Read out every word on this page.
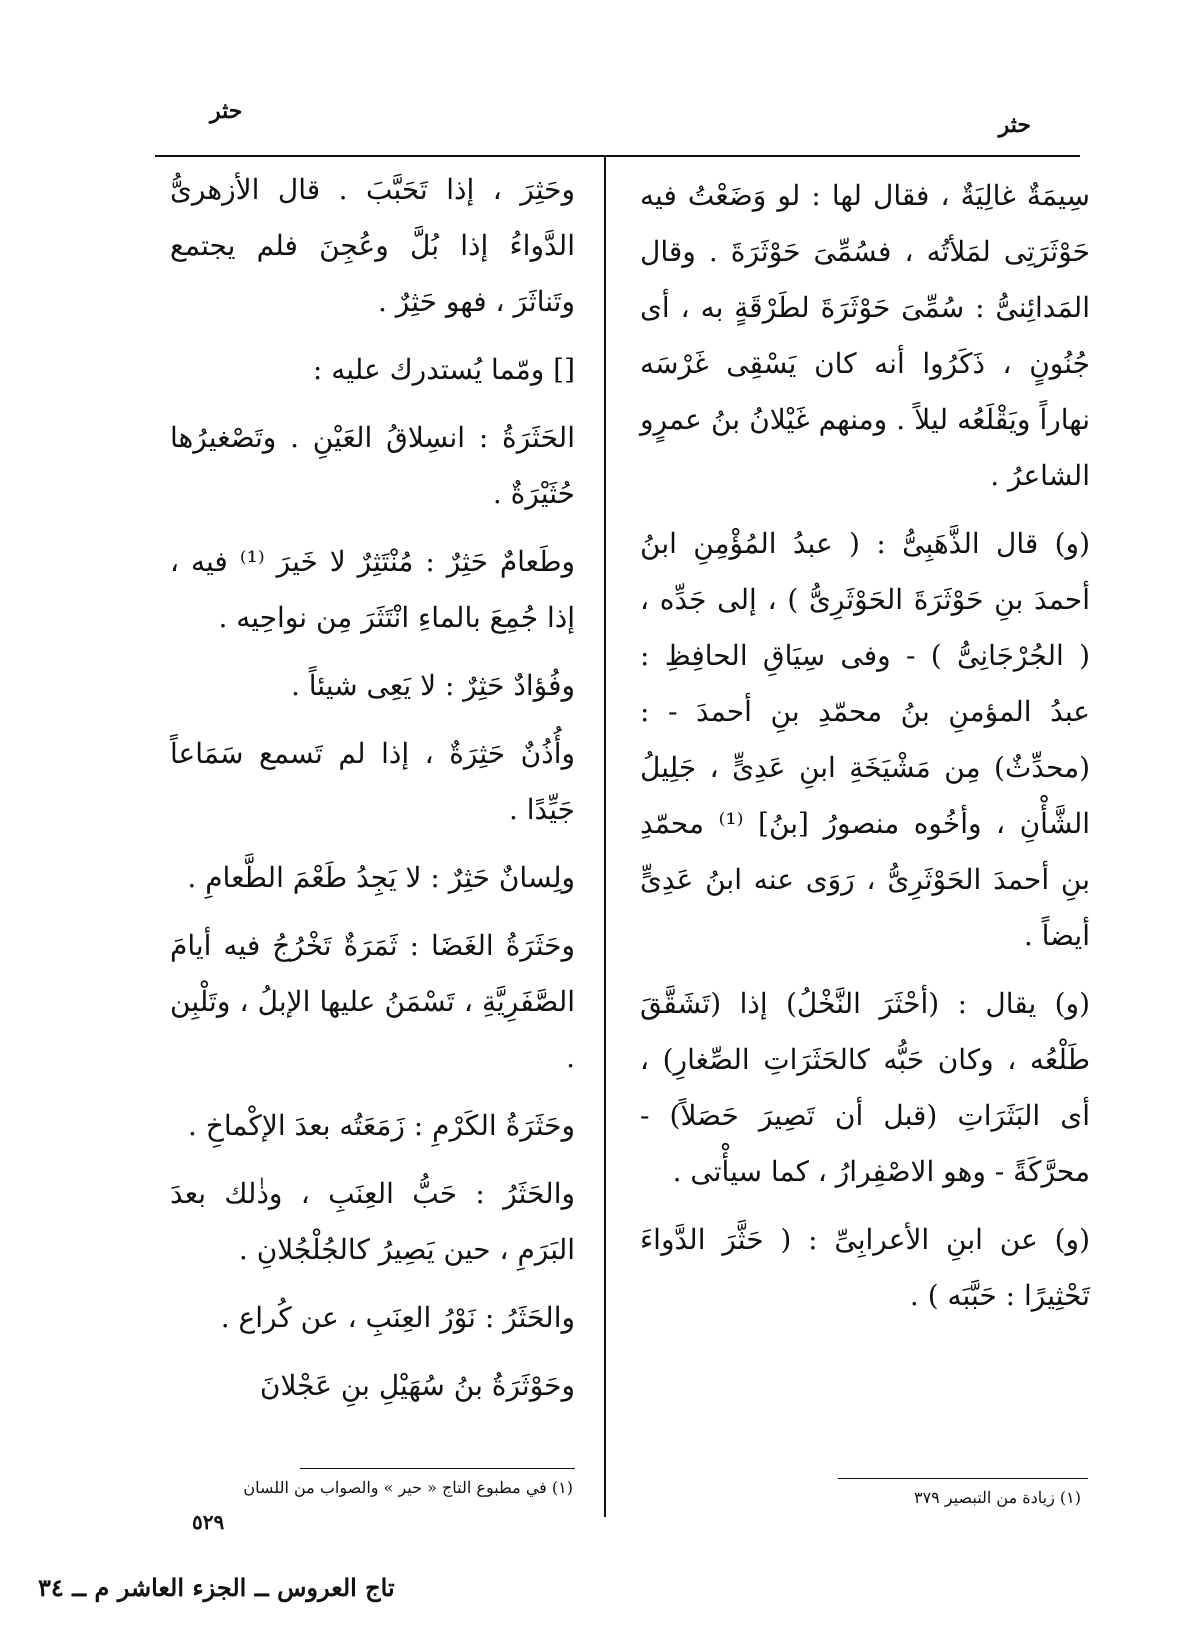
حثر
حثر

سِيمَةٌ غالِيَةٌ ، فقال لها : لو وَضَعْتُ فيه حَوْثَرَتِى لمَلأتُه ، فسُمِّىَ حَوْثَرَةَ . وقال المَدائِنىُّ : سُمِّىَ حَوْثَرَةَ لطَرْقَةٍ به ، أى جُنُونٍ ، ذَكَرُوا أنه كان يَسْقِى غَرْسَه نهاراً ويَقْلَعُه ليلاً . ومنهم غَيْلانُ بنُ عمرٍو الشاعرُ .

(و) قال الذَّهَبِىُّ : ( عبدُ المُؤْمِنِ ابنُ أحمدَ بنِ حَوْثَرَةَ الحَوْثَرِىُّ ) ، إلى جَدِّه ، ( الجُرْجَانِىُّ ) - وفى سِيَاقِ الحافِظِ : عبدُ المؤمنِ بنُ محمّدِ بنِ أحمدَ - : (محدِّثٌ) مِن مَشْيَخَةِ ابنِ عَدِىٍّ ، جَلِيلُ الشَّأْنِ ، وأخُوه منصورُ [بنُ] ⁽¹⁾ محمّدِ بنِ أحمدَ الحَوْثَرِىُّ ، رَوَى عنه ابنُ عَدِىٍّ أيضاً .

(و) يقال : (أحْثَرَ النَّخْلُ) إذا (تَشَقَّقَ طَلْعُه ، وكان حَبُّه كالحَثَرَاتِ الصِّغارِ) ، أى البَثَرَاتِ (قبل أن تَصِيرَ حَصَلاً) - محرَّكَةً - وهو الاصْفِرارُ ، كما سيأْتى .

(و) عن ابنِ الأعرابِىِّ : ( حَثَّرَ الدَّواءَ تَحْثِيرًا : حَبَّبَه ) .

وحَثِرَ ، إذا تَحَبَّبَ . قال الأزهرىُّ الدَّواءُ إذا بُلَّ وعُجِنَ فلم يجتمع وتَناثَرَ ، فهو حَثِرٌ .

[] ومّما يُستدرك عليه :

الحَثَرَةُ : انسِلاقُ العَيْنِ . وتَصْغيرُها حُثَيْرَةٌ .

وطَعامٌ حَثِرٌ : مُنْتَثِرٌ لا خَيرَ ⁽¹⁾ فيه ، إذا جُمِعَ بالماءِ انْتَثَرَ مِن نواحِيه .

وفُؤادٌ حَثِرٌ : لا يَعِى شيئاً .

وأُذُنٌ حَثِرَةٌ ، إذا لم تَسمع سَمَاعاً جَيِّدًا .

ولِسانٌ حَثِرٌ : لا يَجِدُ طَعْمَ الطَّعامِ .

وحَثَرَةُ الغَضَا : ثَمَرَةٌ تَخْرُجُ فيه أيامَ الصَّفَرِيَّةِ ، تَسْمَنُ عليها الإبلُ ، وتَلْبِن .

وحَثَرَةُ الكَرْمِ : زَمَعَتُه بعدَ الإكْماخِ .

والحَثَرُ : حَبُّ العِنَبِ ، وذٰلك بعدَ البَرَمِ ، حين يَصِيرُ كالجُلْجُلانِ .

والحَثَرُ : نَوْرُ العِنَبِ ، عن كُراع .

وحَوْثَرَةُ بنُ سُهَيْلِ بنِ عَجْلانَ

(١) زيادة من التبصير ٣٧٩
(١) في مطبوع التاج « حير » والصواب من اللسان
٥٢٩
تاج العروس ــ الجزء العاشر م ــ ٣٤
